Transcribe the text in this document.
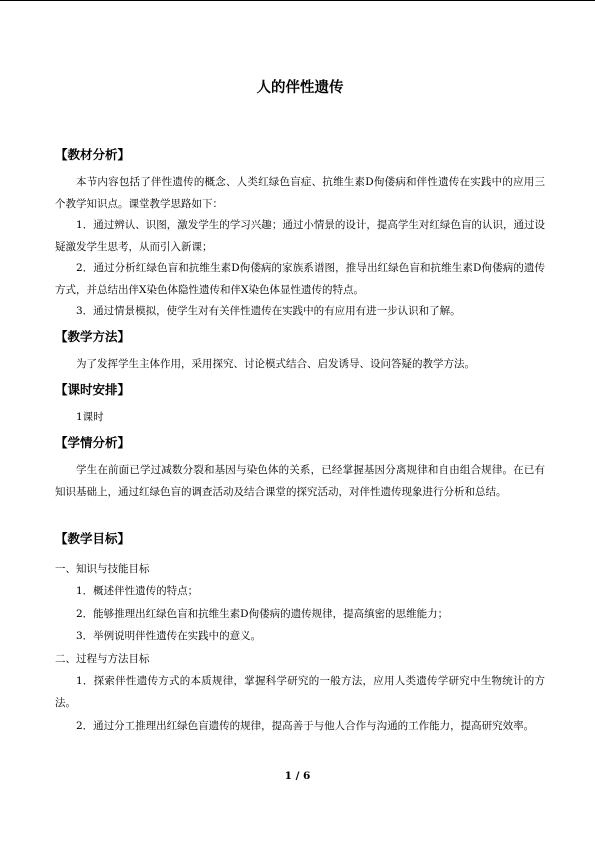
人的伴性遗传
【教材分析】
本节内容包括了伴性遗传的概念、人类红绿色盲症、抗维生素D佝偻病和伴性遗传在实践中的应用三个教学知识点。课堂教学思路如下：
1．通过辨认、识图，激发学生的学习兴趣；通过小情景的设计，提高学生对红绿色盲的认识，通过设疑激发学生思考，从而引入新课；
2．通过分析红绿色盲和抗维生素D佝偻病的家族系谱图，推导出红绿色盲和抗维生素D佝偻病的遗传方式，并总结出伴X染色体隐性遗传和伴X染色体显性遗传的特点。
3．通过情景模拟，使学生对有关伴性遗传在实践中的有应用有进一步认识和了解。
【教学方法】
为了发挥学生主体作用，采用探究、讨论模式结合、启发诱导、设问答疑的教学方法。
【课时安排】
1课时
【学情分析】
学生在前面已学过减数分裂和基因与染色体的关系，已经掌握基因分离规律和自由组合规律。在已有知识基础上，通过红绿色盲的调查活动及结合课堂的探究活动，对伴性遗传现象进行分析和总结。
【教学目标】
一、知识与技能目标
1．概述伴性遗传的特点；
2．能够推理出红绿色盲和抗维生素D佝偻病的遗传规律，提高缜密的思维能力；
3．举例说明伴性遗传在实践中的意义。
二、过程与方法目标
1．探索伴性遗传方式的本质规律，掌握科学研究的一般方法，应用人类遗传学研究中生物统计的方法。
2．通过分工推理出红绿色盲遗传的规律，提高善于与他人合作与沟通的工作能力，提高研究效率。
1 / 6
